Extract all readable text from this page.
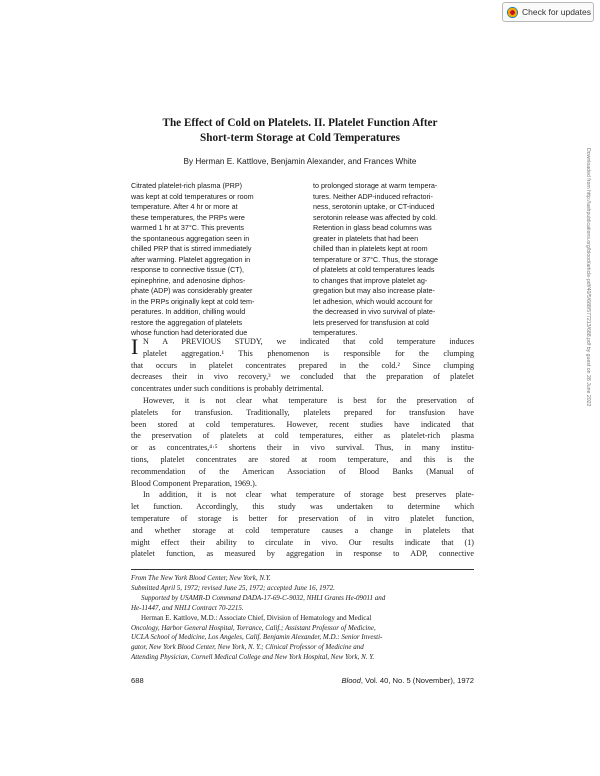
Check for updates
The Effect of Cold on Platelets. II. Platelet Function After
Short-term Storage at Cold Temperatures
By Herman E. Kattlove, Benjamin Alexander, and Frances White
Citrated platelet-rich plasma (PRP)
was kept at cold temperatures or room
temperature. After 4 hr or more at
these temperatures, the PRPs were
warmed 1 hr at 37°C. This prevents
the spontaneous aggregation seen in
chilled PRP that is stirred immediately
after warming. Platelet aggregation in
response to connective tissue (CT),
epinephrine, and adenosine diphos-
phate (ADP) was considerably greater
in the PRPs originally kept at cold tem-
peratures. In addition, chilling would
restore the aggregation of platelets
whose function had deteriorated due
to prolonged storage at warm tempera-
tures. Neither ADP-induced refractori-
ness, serotonin uptake, or CT-induced
serotonin release was affected by cold.
Retention in glass bead columns was
greater in platelets that had been
chilled than in platelets kept at room
temperature or 37°C. Thus, the storage
of platelets at cold temperatures leads
to changes that improve platelet ag-
gregation but may also increase plate-
let adhesion, which would account for
the decreased in vivo survival of plate-
lets preserved for transfusion at cold
temperatures.
I N A PREVIOUS STUDY, we indicated that cold temperature induces
platelet aggregation.¹ This phenomenon is responsible for the clumping
that occurs in platelet concentrates prepared in the cold.² Since clumping
decreases their in vivo recovery,³ we concluded that the preparation of platelet
concentrates under such conditions is probably detrimental.
However, it is not clear what temperature is best for the preservation of
platelets for transfusion. Traditionally, platelets prepared for transfusion have
been stored at cold temperatures. However, recent studies have indicated that
the preservation of platelets at cold temperatures, either as platelet-rich plasma
or as concentrates,⁴·⁵ shortens their in vivo survival. Thus, in many institu-
tions, platelet concentrates are stored at room temperature, and this is the
recommendation of the American Association of Blood Banks (Manual of
Blood Component Preparation, 1969.).
In addition, it is not clear what temperature of storage best preserves plate-
let function. Accordingly, this study was undertaken to determine which
temperature of storage is better for preservation of in vitro platelet function,
and whether storage at cold temperature causes a change in platelets that
might effect their ability to circulate in vivo. Our results indicate that (1)
platelet function, as measured by aggregation in response to ADP, connective
From The New York Blood Center, New York, N.Y.
Submitted April 5, 1972; revised June 25, 1972; accepted June 16, 1972.
Supported by USAMR-D Command DADA-17-69-C-9032, NHLI Grants He-09011 and
He-11447, and NHLI Contract 70-2215.
Herman E. Kattlove, M.D.: Associate Chief, Division of Hematology and Medical
Oncology, Harbor General Hospital, Torrance, Calif.; Assistant Professor of Medicine,
UCLA School of Medicine, Los Angeles, Calif. Benjamin Alexander, M.D.: Senior Investi-
gator, New York Blood Center, New York, N. Y.; Clinical Professor of Medicine and
Attending Physician, Cornell Medical College and New York Hospital, New York, N. Y.
688	Blood, Vol. 40, No. 5 (November), 1972
Downloaded from http://ashpublications.org/blood/article-pdf/40/5/688/577213/688.pdf by guest on 28 June 2022
